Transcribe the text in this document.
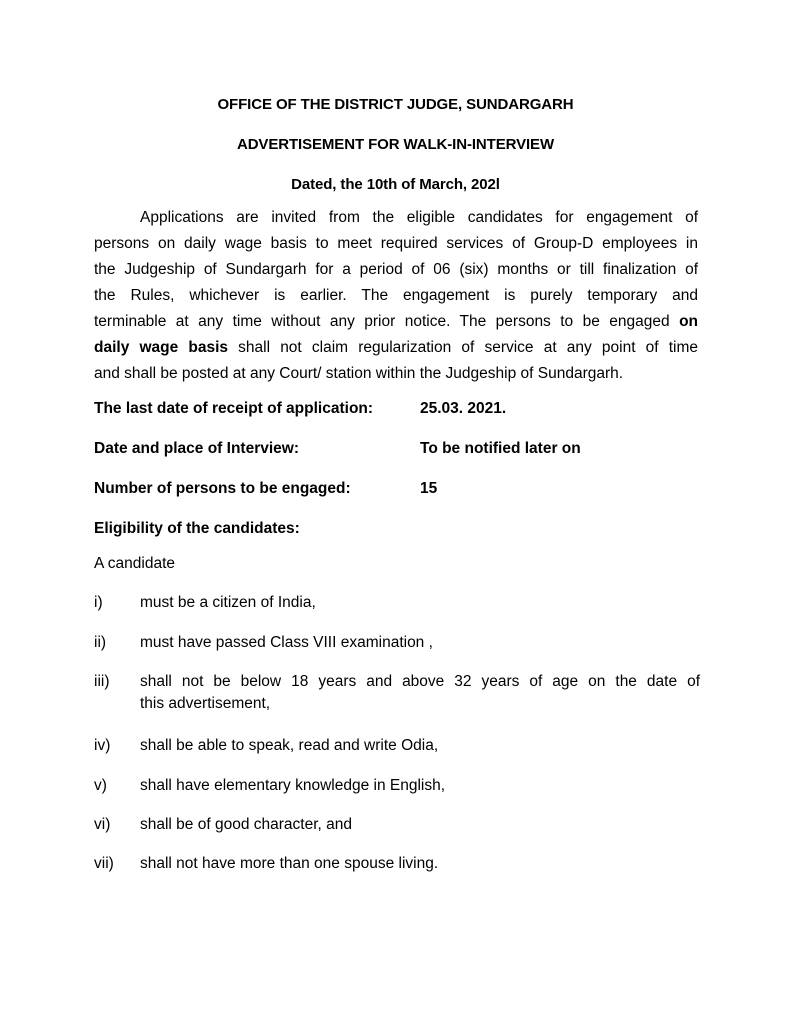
OFFICE OF THE DISTRICT JUDGE, SUNDARGARH
ADVERTISEMENT FOR WALK-IN-INTERVIEW
Dated, the 10th of March, 202l
Applications are invited from the eligible candidates for engagement of
persons on daily wage basis to meet required services of Group-D employees in
the Judgeship of Sundargarh for a period of 06 (six) months or till finalization of
the Rules, whichever is earlier. The engagement is purely temporary and
terminable at any time without any prior notice. The persons to be engaged on
daily wage basis shall not claim regularization of service at any point of time
and shall be posted at any Court/ station within the Judgeship of Sundargarh.
The last date of receipt of application:	25.03. 2021.
Date and place of Interview:	To be notified later on
Number of persons to be engaged:	15
Eligibility of the candidates:
A candidate
i) must be a citizen of India,
ii) must have passed Class VIII examination ,
iii) shall not be below 18 years and above 32 years of age on the date of
this advertisement,
iv) shall be able to speak, read and write Odia,
v) shall have elementary knowledge in English,
vi) shall be of good character, and
vii) shall not have more than one spouse living.
